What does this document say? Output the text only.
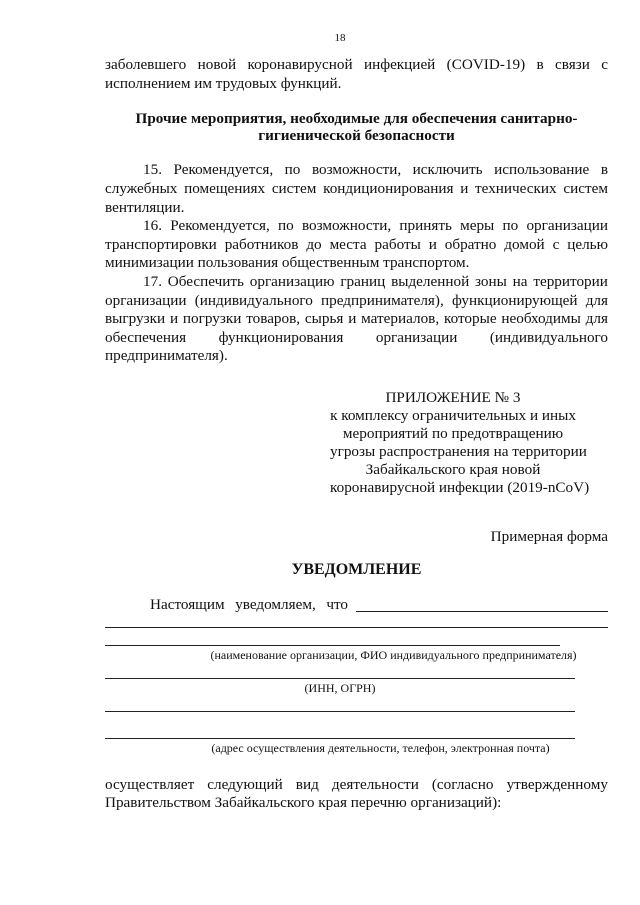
18
заболевшего новой коронавирусной инфекцией (COVID-19) в связи с
исполнением им трудовых функций.
Прочие мероприятия, необходимые для обеспечения санитарно-
гигиенической безопасности
15. Рекомендуется, по возможности, исключить использование в
служебных помещениях систем кондиционирования и технических систем
вентиляции.
16. Рекомендуется, по возможности, принять меры по организации
транспортировки работников до места работы и обратно домой с целью
минимизации пользования общественным транспортом.
17. Обеспечить организацию границ выделенной зоны на территории
организации (индивидуального предпринимателя), функционирующей для
выгрузки и погрузки товаров, сырья и материалов, которые необходимы для
обеспечения функционирования организации (индивидуального
предпринимателя).
ПРИЛОЖЕНИЕ № 3
к комплексу ограничительных и иных
мероприятий по предотвращению
угрозы распространения на территории
Забайкальского края новой
коронавирусной инфекции (2019-nCoV)
Примерная форма
УВЕДОМЛЕНИЕ
Настоящим уведомляем, что
(наименование организации, ФИО индивидуального предпринимателя)
(ИНН, ОГРН)
(адрес осуществления деятельности, телефон, электронная почта)
осуществляет следующий вид деятельности (согласно утвержденному
Правительством Забайкальского края перечню организаций):
